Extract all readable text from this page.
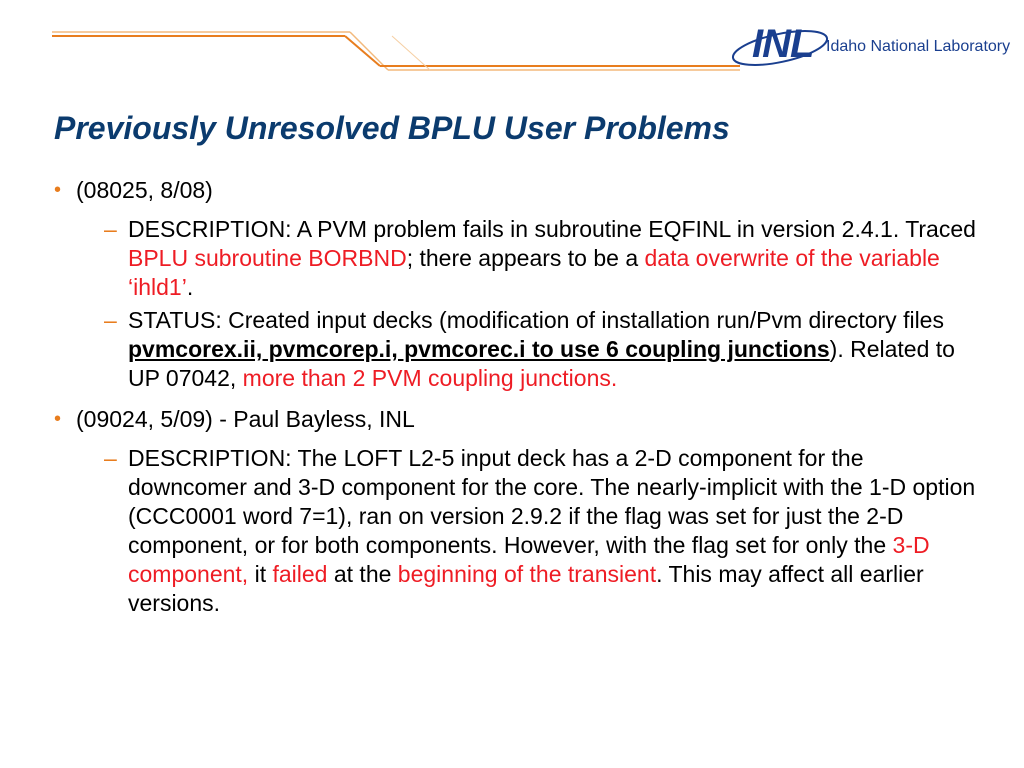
INL Idaho National Laboratory
Previously Unresolved BPLU User Problems
• (08025, 8/08)
– DESCRIPTION: A PVM problem fails in subroutine EQFINL in version 2.4.1. Traced BPLU subroutine BORBND; there appears to be a data overwrite of the variable ‘ihld1’.
– STATUS: Created input decks (modification of installation run/Pvm directory files pvmcorex.ii, pvmcorep.i, pvmcorec.i to use 6 coupling junctions). Related to UP 07042, more than 2 PVM coupling junctions.
• (09024, 5/09) - Paul Bayless, INL
– DESCRIPTION: The LOFT L2-5 input deck has a 2-D component for the downcomer and 3-D component for the core. The nearly-implicit with the 1-D option (CCC0001 word 7=1), ran on version 2.9.2 if the flag was set for just the 2-D component, or for both components. However, with the flag set for only the 3-D component, it failed at the beginning of the transient. This may affect all earlier versions.
